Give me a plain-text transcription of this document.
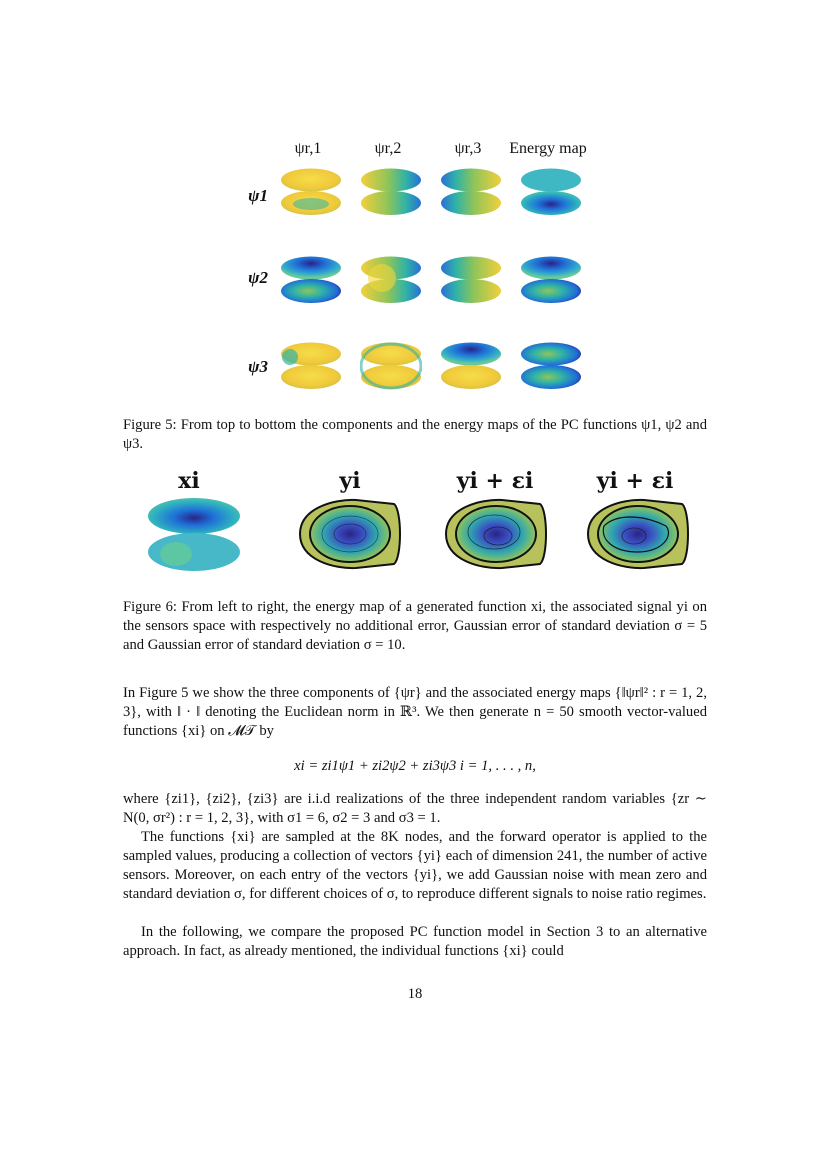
ψr,1	ψr,2	ψr,3	Energy map
ψ1
ψ2
ψ3
Figure 5: From top to bottom the components and the energy maps of the PC functions ψ1, ψ2 and ψ3.
xi	yi	yi + εi	yi + εi
Figure 6: From left to right, the energy map of a generated function xi, the associated signal yi on the sensors space with respectively no additional error, Gaussian error of standard deviation σ = 5 and Gaussian error of standard deviation σ = 10.
In Figure 5 we show the three components of {ψr} and the associated energy maps {‖ψr‖² : r = 1, 2, 3}, with ‖ · ‖ denoting the Euclidean norm in ℝ³. We then generate n = 50 smooth vector-valued functions {xi} on 𝓜𝒯 by
xi = zi1ψ1 + zi2ψ2 + zi3ψ3 i = 1, . . . , n,
where {zi1}, {zi2}, {zi3} are i.i.d realizations of the three independent random variables {zr ∼ N(0, σr²) : r = 1, 2, 3}, with σ1 = 6, σ2 = 3 and σ3 = 1.
The functions {xi} are sampled at the 8K nodes, and the forward operator is applied to the sampled values, producing a collection of vectors {yi} each of dimension 241, the number of active sensors. Moreover, on each entry of the vectors {yi}, we add Gaussian noise with mean zero and standard deviation σ, for different choices of σ, to reproduce different signals to noise ratio regimes.
In the following, we compare the proposed PC function model in Section 3 to an alternative approach. In fact, as already mentioned, the individual functions {xi} could
18
